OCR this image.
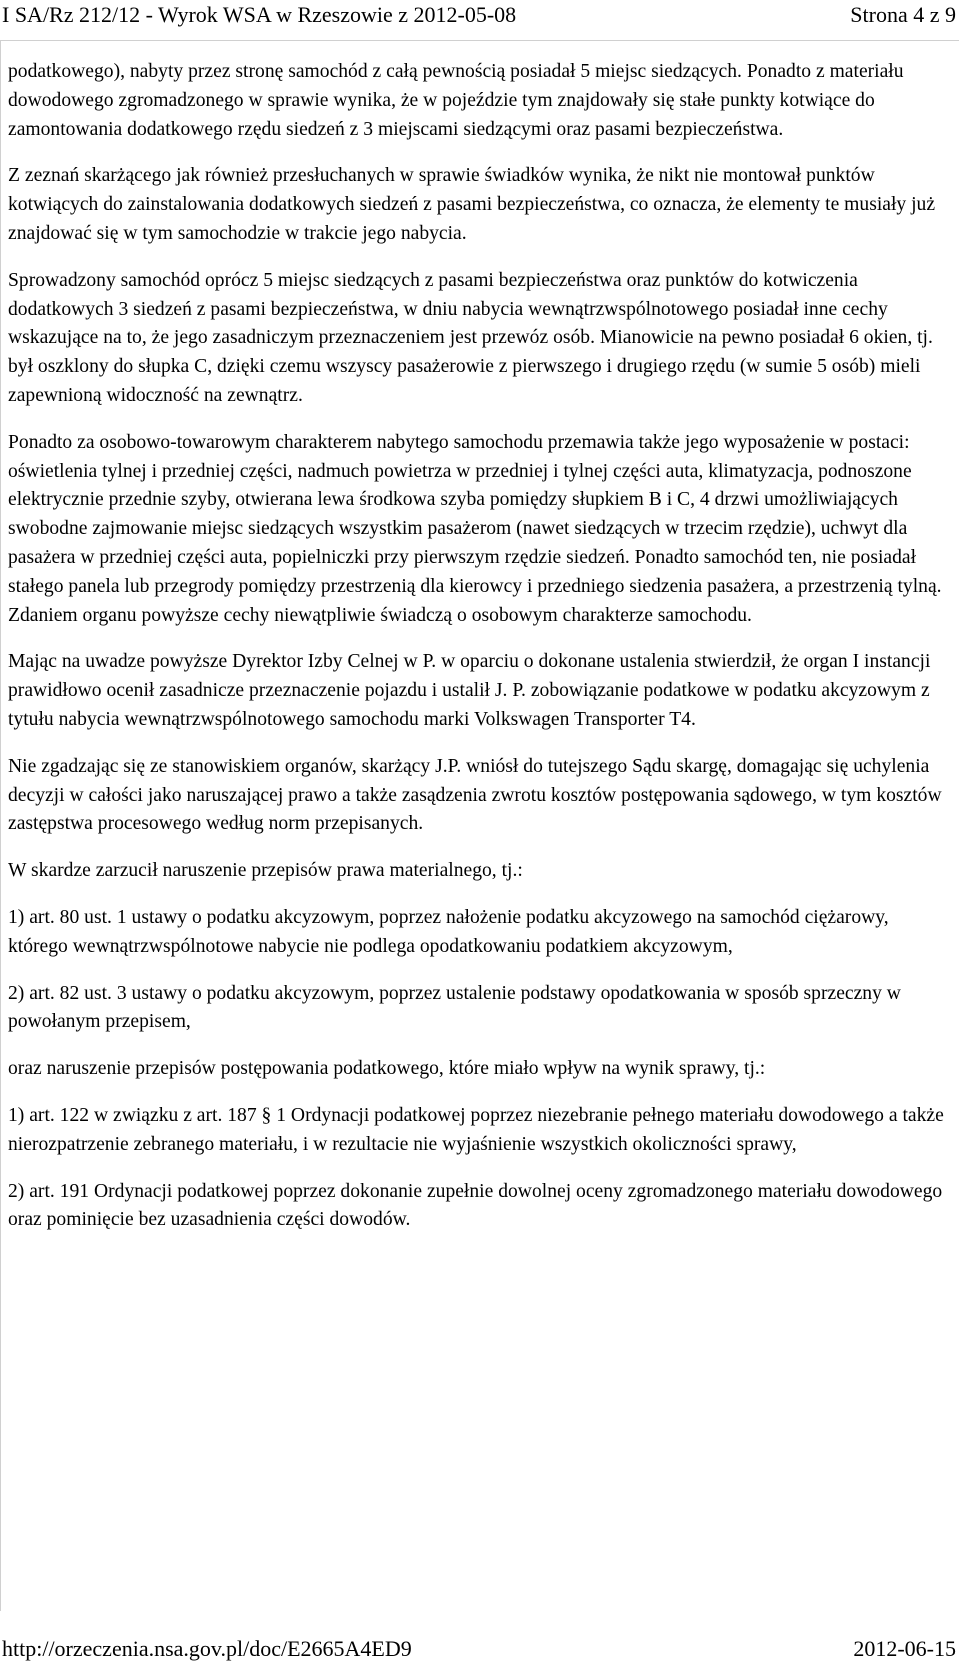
I SA/Rz 212/12 - Wyrok WSA w Rzeszowie z 2012-05-08	Strona 4 z 9

podatkowego), nabyty przez stronę samochód z całą pewnością posiadał 5 miejsc siedzących. Ponadto z materiału dowodowego zgromadzonego w sprawie wynika, że w pojeździe tym znajdowały się stałe punkty kotwiące do zamontowania dodatkowego rzędu siedzeń z 3 miejscami siedzącymi oraz pasami bezpieczeństwa.

Z zeznań skarżącego jak również przesłuchanych w sprawie świadków wynika, że nikt nie montował punktów kotwiących do zainstalowania dodatkowych siedzeń z pasami bezpieczeństwa, co oznacza, że elementy te musiały już znajdować się w tym samochodzie w trakcie jego nabycia.

Sprowadzony samochód oprócz 5 miejsc siedzących z pasami bezpieczeństwa oraz punktów do kotwiczenia dodatkowych 3 siedzeń z pasami bezpieczeństwa, w dniu nabycia wewnątrzwspólnotowego posiadał inne cechy wskazujące na to, że jego zasadniczym przeznaczeniem jest przewóz osób. Mianowicie na pewno posiadał 6 okien, tj. był oszklony do słupka C, dzięki czemu wszyscy pasażerowie z pierwszego i drugiego rzędu (w sumie 5 osób) mieli zapewnioną widoczność na zewnątrz.

Ponadto za osobowo-towarowym charakterem nabytego samochodu przemawia także jego wyposażenie w postaci: oświetlenia tylnej i przedniej części, nadmuch powietrza w przedniej i tylnej części auta, klimatyzacja, podnoszone elektrycznie przednie szyby, otwierana lewa środkowa szyba pomiędzy słupkiem B i C, 4 drzwi umożliwiających swobodne zajmowanie miejsc siedzących wszystkim pasażerom (nawet siedzących w trzecim rzędzie), uchwyt dla pasażera w przedniej części auta, popielniczki przy pierwszym rzędzie siedzeń. Ponadto samochód ten, nie posiadał stałego panela lub przegrody pomiędzy przestrzenią dla kierowcy i przedniego siedzenia pasażera, a przestrzenią tylną. Zdaniem organu powyższe cechy niewątpliwie świadczą o osobowym charakterze samochodu.

Mając na uwadze powyższe Dyrektor Izby Celnej w P. w oparciu o dokonane ustalenia stwierdził, że organ I instancji prawidłowo ocenił zasadnicze przeznaczenie pojazdu i ustalił J. P. zobowiązanie podatkowe w podatku akcyzowym z tytułu nabycia wewnątrzwspólnotowego samochodu marki Volkswagen Transporter T4.

Nie zgadzając się ze stanowiskiem organów, skarżący J.P. wniósł do tutejszego Sądu skargę, domagając się uchylenia decyzji w całości jako naruszającej prawo a także zasądzenia zwrotu kosztów postępowania sądowego, w tym kosztów zastępstwa procesowego według norm przepisanych.

W skardze zarzucił naruszenie przepisów prawa materialnego, tj.:

1) art. 80 ust. 1 ustawy o podatku akcyzowym, poprzez nałożenie podatku akcyzowego na samochód ciężarowy, którego wewnątrzwspólnotowe nabycie nie podlega opodatkowaniu podatkiem akcyzowym,

2) art. 82 ust. 3 ustawy o podatku akcyzowym, poprzez ustalenie podstawy opodatkowania w sposób sprzeczny w powołanym przepisem,

oraz naruszenie przepisów postępowania podatkowego, które miało wpływ na wynik sprawy, tj.:

1) art. 122 w związku z art. 187 § 1 Ordynacji podatkowej poprzez niezebranie pełnego materiału dowodowego a także nierozpatrzenie zebranego materiału, i w rezultacie nie wyjaśnienie wszystkich okoliczności sprawy,

2) art. 191 Ordynacji podatkowej poprzez dokonanie zupełnie dowolnej oceny zgromadzonego materiału dowodowego oraz pominięcie bez uzasadnienia części dowodów.

http://orzeczenia.nsa.gov.pl/doc/E2665A4ED9	2012-06-15
